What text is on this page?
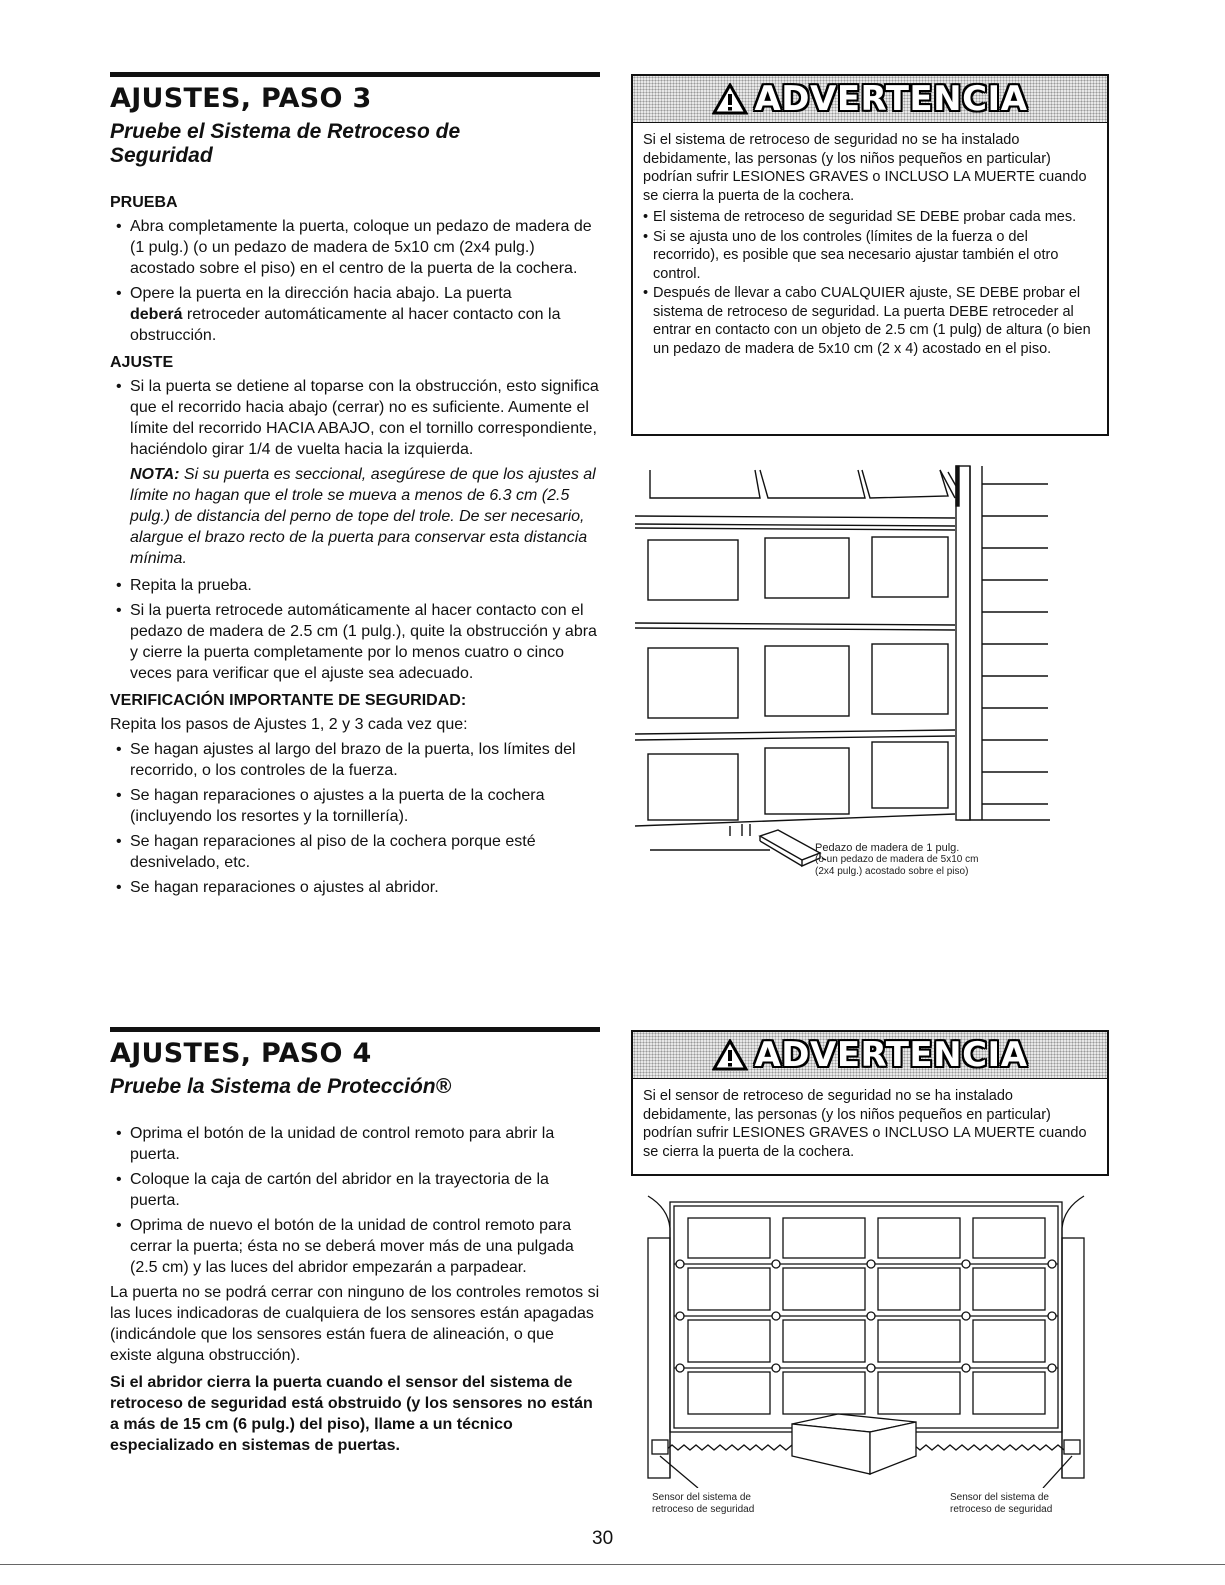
AJUSTES, PASO 3
Pruebe el Sistema de Retroceso de Seguridad
PRUEBA
• Abra completamente la puerta, coloque un pedazo de madera de (1 pulg.) (o un pedazo de madera de 5x10 cm (2x4 pulg.) acostado sobre el piso) en el centro de la puerta de la cochera.
• Opere la puerta en la dirección hacia abajo. La puerta
deberá retroceder automáticamente al hacer contacto con la obstrucción.
AJUSTE
• Si la puerta se detiene al toparse con la obstrucción, esto significa que el recorrido hacia abajo (cerrar) no es suficiente. Aumente el límite del recorrido HACIA ABAJO, con el tornillo correspondiente, haciéndolo girar 1/4 de vuelta hacia la izquierda.
NOTA: Si su puerta es seccional, asegúrese de que los ajustes al límite no hagan que el trole se mueva a menos de 6.3 cm (2.5 pulg.) de distancia del perno de tope del trole. De ser necesario, alargue el brazo recto de la puerta para conservar esta distancia mínima.
• Repita la prueba.
• Si la puerta retrocede automáticamente al hacer contacto con el pedazo de madera de 2.5 cm (1 pulg.), quite la obstrucción y abra y cierre la puerta completamente por lo menos cuatro o cinco veces para verificar que el ajuste sea adecuado.
VERIFICACIÓN IMPORTANTE DE SEGURIDAD:

Repita los pasos de Ajustes 1, 2 y 3 cada vez que:

• Se hagan ajustes al largo del brazo de la puerta, los límites del recorrido, o los controles de la fuerza.
• Se hagan reparaciones o ajustes a la puerta de la cochera (incluyendo los resortes y la tornillería).
• Se hagan reparaciones al piso de la cochera porque esté desnivelado, etc.
• Se hagan reparaciones o ajustes al abridor.
ADVERTENCIA

Si el sistema de retroceso de seguridad no se ha instalado debidamente, las personas (y los niños pequeños en particular) podrían sufrir LESIONES GRAVES o INCLUSO LA MUERTE cuando se cierra la puerta de la cochera.

• El sistema de retroceso de seguridad SE DEBE probar cada mes.
• Si se ajusta uno de los controles (límites de la fuerza o del recorrido), es posible que sea necesario ajustar también el otro control.
• Después de llevar a cabo CUALQUIER ajuste, SE DEBE probar el sistema de retroceso de seguridad. La puerta DEBE retroceder al entrar en contacto con un objeto de 2.5 cm (1 pulg) de altura (o bien un pedazo de madera de 5x10 cm (2 x 4) acostado en el piso.
Pedazo de madera de 1 pulg.
(o un pedazo de madera de 5x10 cm
(2x4 pulg.) acostado sobre el piso)
AJUSTES, PASO 4
Pruebe la Sistema de Protección®
• Oprima el botón de la unidad de control remoto para abrir la puerta.
• Coloque la caja de cartón del abridor en la trayectoria de la puerta.
• Oprima de nuevo el botón de la unidad de control remoto para cerrar la puerta; ésta no se deberá mover más de una pulgada (2.5 cm) y las luces del abridor empezarán a parpadear.

La puerta no se podrá cerrar con ninguno de los controles remotos si las luces indicadoras de cualquiera de los sensores están apagadas (indicándole que los sensores están fuera de alineación, o que existe alguna obstrucción).

Si el abridor cierra la puerta cuando el sensor del sistema de retroceso de seguridad está obstruido (y los sensores no están a más de 15 cm (6 pulg.) del piso), llame a un técnico especializado en sistemas de puertas.
ADVERTENCIA

Si el sensor de retroceso de seguridad no se ha instalado debidamente, las personas (y los niños pequeños en particular) podrían sufrir LESIONES GRAVES o INCLUSO LA MUERTE cuando se cierra la puerta de la cochera.

Sensor del sistema de
retroceso de seguridad
Sensor del sistema de
retroceso de seguridad
30
